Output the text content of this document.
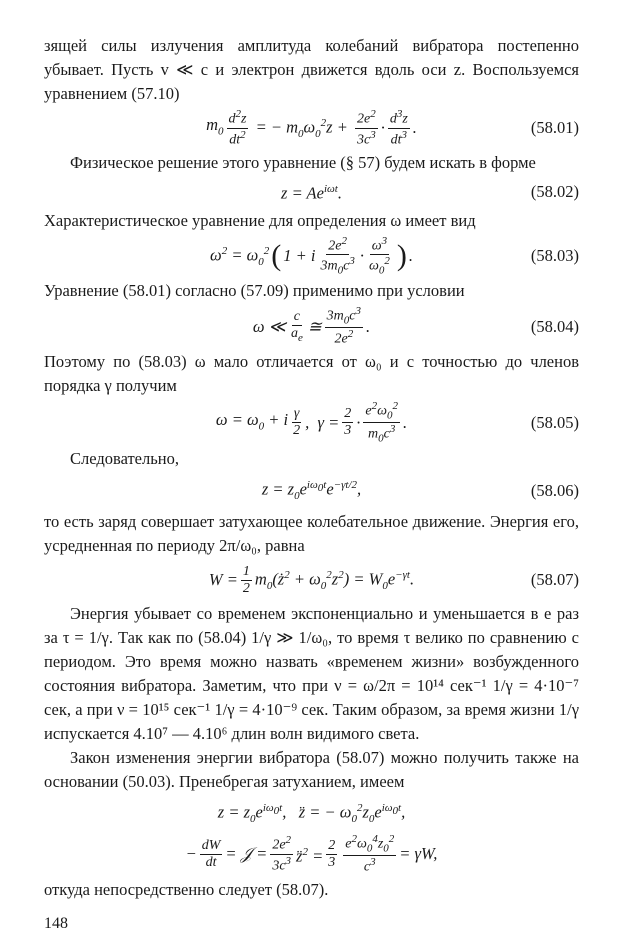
зящей силы излучения амплитуда колебаний вибратора постепенно убывает. Пусть v ≪ c и электрон движется вдоль оси z. Воспользуемся уравнением (57.10)

$m_0 \frac{d^2z}{dt^2}$ = − $m_0\omega_0^2z + \frac{2e^2}{3c^3} \cdot \frac{d^3z}{dt^3}$ .	(58.01)

Физическое решение этого уравнение (§ 57) будем искать в форме

$z = Ae^{i\omega t}$.	(58.02)

Характеристическое уравнение для определения ω имеет вид

$\omega^2 = \omega_0^2$ ( 1 + i $\frac{2e^2}{3m_0c^3} \cdot \frac{\omega^3}{\omega_0^2}$ ) .	(58.03)

Уравнение (58.01) согласно (57.09) применимо при условии

ω ≪ $\frac{c}{a_e}$ ≅ $\frac{3m_0c^3}{2e^2}$ .	(58.04)

Поэтому по (58.03) ω мало отличается от ω₀ и с точностью до членов порядка γ получим

$\omega = \omega_0 + i \frac{\gamma}{2}$ ,  $\gamma = \frac{2}{3} \cdot \frac{e^2\omega_0^2}{m_0c^3}$ .	(58.05)

Следовательно,

$z = z_0e^{i\omega_0t}e^{-\gamma t/2}$,	(58.06)

то есть заряд совершает затухающее колебательное движение. Энергия его, усредненная по периоду 2π/ω₀, равна

$W = \frac{1}{2}$ $m_0(ż^2 + \omega_0^2z^2) = W_0e^{-\gamma t}$.	(58.07)

Энергия убывает со временем экспоненциально и уменьшается в e раз за τ = 1/γ. Так как по (58.04) 1/γ ≫ 1/ω₀, то время τ велико по сравнению с периодом. Это время можно назвать «временем жизни» возбужденного состояния вибратора. Заметим, что при ν = ω/2π = 10¹⁴ сек⁻¹ 1/γ = 4·10⁻⁷ сек, а при ν = 10¹⁵ сек⁻¹ 1/γ = 4·10⁻⁹ сек. Таким образом, за время жизни 1/γ испускается 4.10⁷ — 4.10⁶ длин волн видимого света.

Закон изменения энергии вибратора (58.07) можно получить также на основании (50.03). Пренебрегая затуханием, имеем

$z = z_0e^{i\omega_0t}$,   z̈ = − $\omega_0^2z_0e^{i\omega_0t}$,
− $\frac{dW}{dt}$ = 𝒥 = $\frac{2e^2}{3c^3}$ z̈$^2$ = $\frac{2}{3} \frac{e^2\omega_0^4z_0^2}{c^3} = \gamma W$,

откуда непосредственно следует (58.07).

148
